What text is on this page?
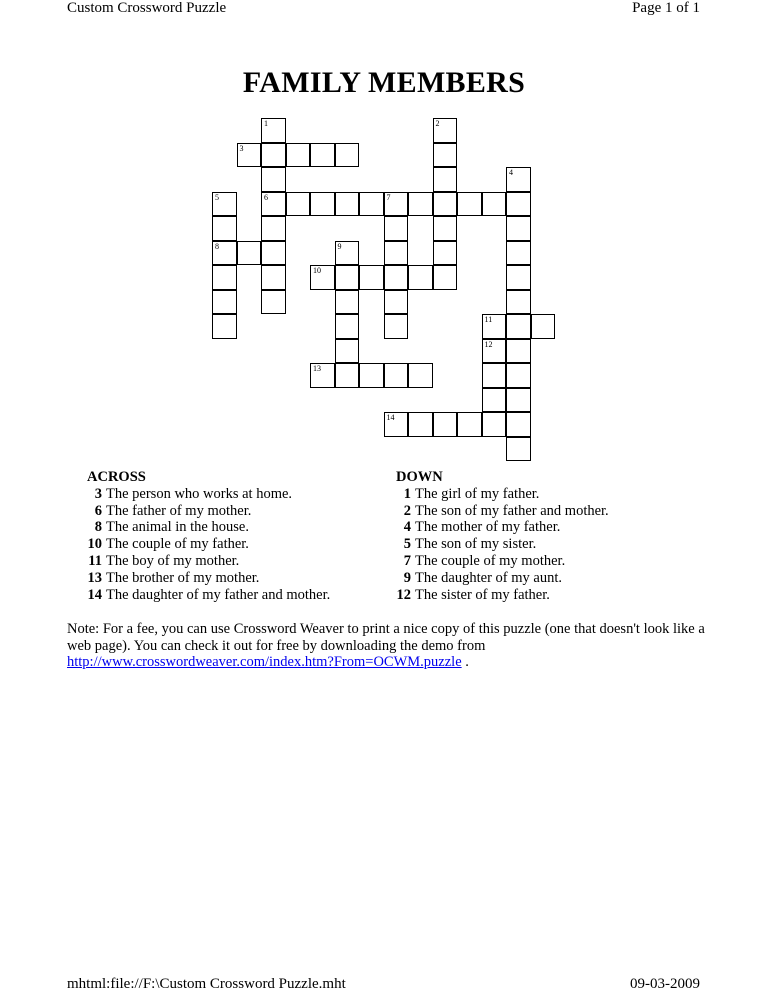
Custom Crossword Puzzle	Page 1 of 1
FAMILY MEMBERS
1
3
2
4
5	6	7
8	9
10
11
12
13
14
ACROSS
3 The person who works at home.
6 The father of my mother.
8 The animal in the house.
10 The couple of my father.
11 The boy of my mother.
13 The brother of my mother.
14 The daughter of my father and mother.
DOWN
1 The girl of my father.
2 The son of my father and mother.
4 The mother of my father.
5 The son of my sister.
7 The couple of my mother.
9 The daughter of my aunt.
12 The sister of my father.
Note: For a fee, you can use Crossword Weaver to print a nice copy of this puzzle (one that doesn't look like a web page). You can check it out for free by downloading the demo from
http://www.crosswordweaver.com/index.htm?From=OCWM.puzzle .
mhtml:file://F:\Custom Crossword Puzzle.mht	09-03-2009
